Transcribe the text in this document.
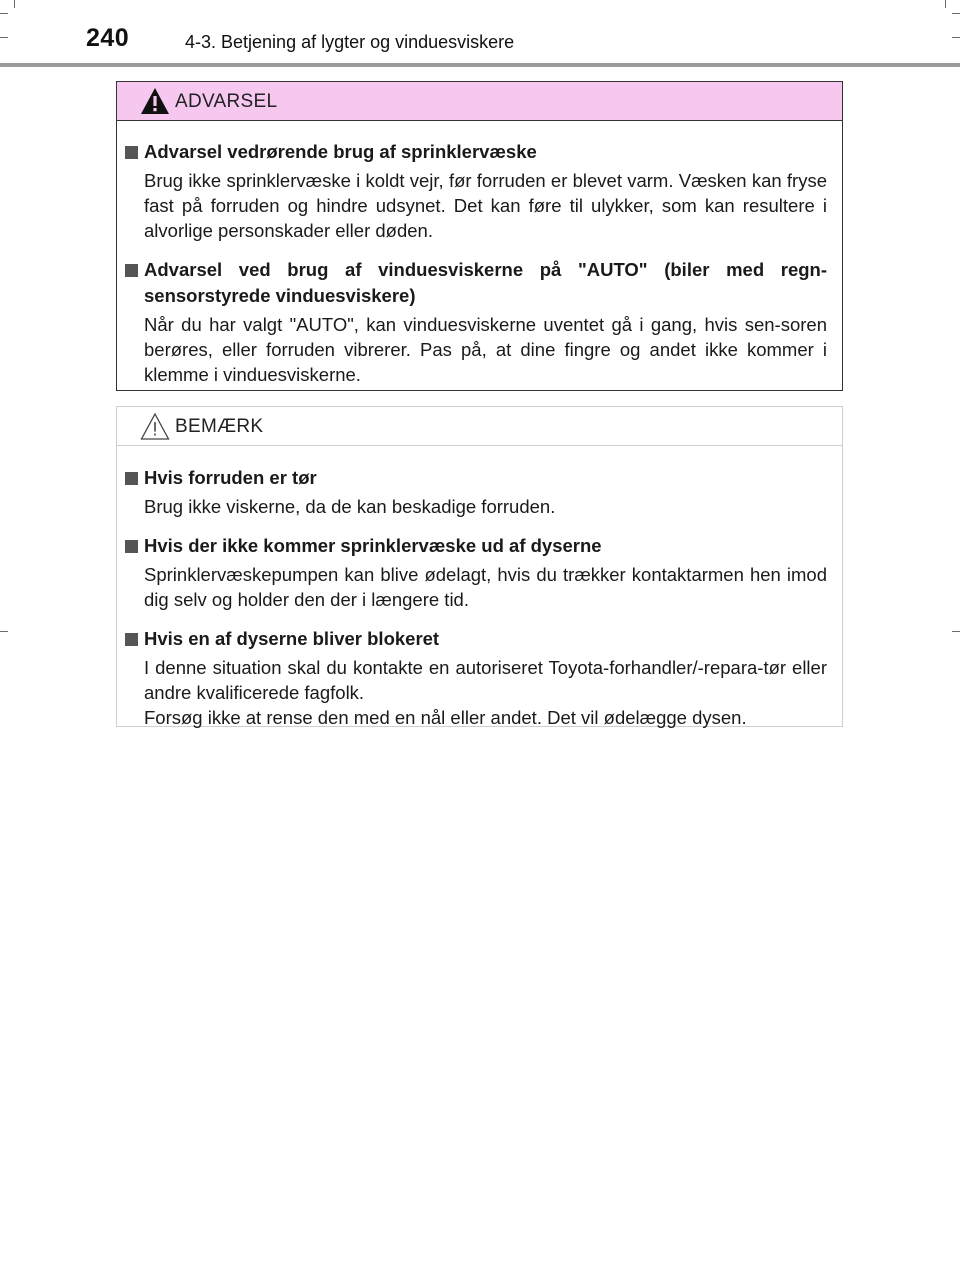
240	4-3. Betjening af lygter og vinduesviskere
ADVARSEL
Advarsel vedrørende brug af sprinklervæske

Brug ikke sprinklervæske i koldt vejr, før forruden er blevet varm. Væsken kan fryse fast på forruden og hindre udsynet. Det kan føre til ulykker, som kan resultere i alvorlige personskader eller døden.

Advarsel ved brug af vinduesviskerne på "AUTO" (biler med regn-sensorstyrede vinduesviskere)

Når du har valgt "AUTO", kan vinduesviskerne uventet gå i gang, hvis sen-soren berøres, eller forruden vibrerer. Pas på, at dine fingre og andet ikke kommer i klemme i vinduesviskerne.

BEMÆRK
Hvis forruden er tør

Brug ikke viskerne, da de kan beskadige forruden.

Hvis der ikke kommer sprinklervæske ud af dyserne

Sprinklervæskepumpen kan blive ødelagt, hvis du trækker kontaktarmen hen imod dig selv og holder den der i længere tid.

Hvis en af dyserne bliver blokeret

I denne situation skal du kontakte en autoriseret Toyota-forhandler/-repara-tør eller andre kvalificerede fagfolk.

Forsøg ikke at rense den med en nål eller andet. Det vil ødelægge dysen.
